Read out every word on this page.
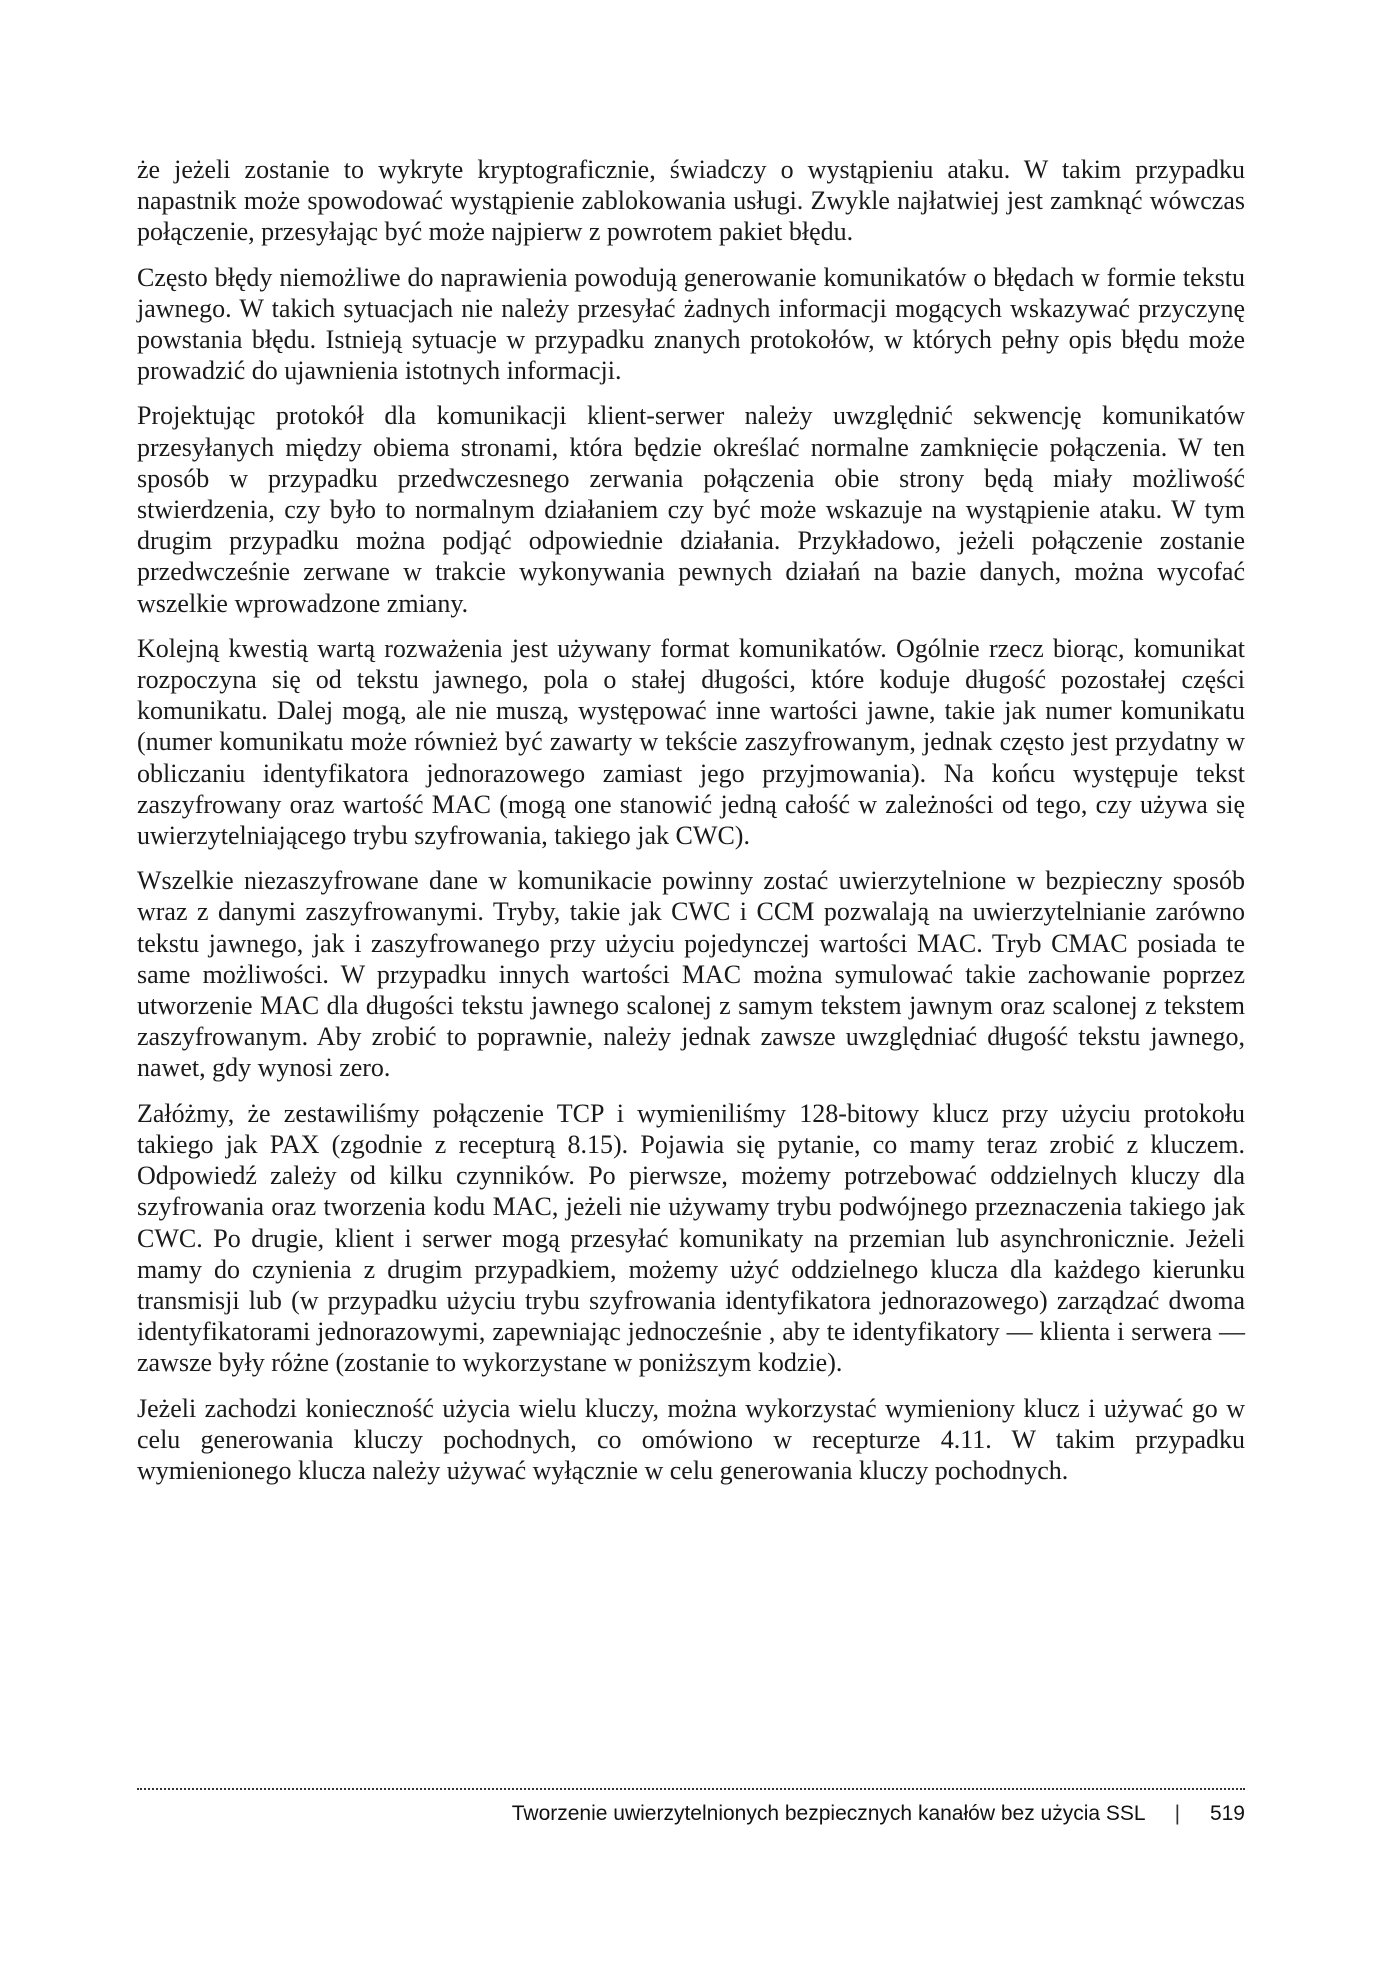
że jeżeli zostanie to wykryte kryptograficznie, świadczy o wystąpieniu ataku. W takim przypadku napastnik może spowodować wystąpienie zablokowania usługi. Zwykle najłatwiej jest zamknąć wówczas połączenie, przesyłając być może najpierw z powrotem pakiet błędu.

Często błędy niemożliwe do naprawienia powodują generowanie komunikatów o błędach w formie tekstu jawnego. W takich sytuacjach nie należy przesyłać żadnych informacji mogących wskazywać przyczynę powstania błędu. Istnieją sytuacje w przypadku znanych protokołów, w których pełny opis błędu może prowadzić do ujawnienia istotnych informacji.

Projektując protokół dla komunikacji klient-serwer należy uwzględnić sekwencję komunikatów przesyłanych między obiema stronami, która będzie określać normalne zamknięcie połączenia. W ten sposób w przypadku przedwczesnego zerwania połączenia obie strony będą miały możliwość stwierdzenia, czy było to normalnym działaniem czy być może wskazuje na wystąpienie ataku. W tym drugim przypadku można podjąć odpowiednie działania. Przykładowo, jeżeli połączenie zostanie przedwcześnie zerwane w trakcie wykonywania pewnych działań na bazie danych, można wycofać wszelkie wprowadzone zmiany.

Kolejną kwestią wartą rozważenia jest używany format komunikatów. Ogólnie rzecz biorąc, komunikat rozpoczyna się od tekstu jawnego, pola o stałej długości, które koduje długość pozostałej części komunikatu. Dalej mogą, ale nie muszą, występować inne wartości jawne, takie jak numer komunikatu (numer komunikatu może również być zawarty w tekście zaszyfrowanym, jednak często jest przydatny w obliczaniu identyfikatora jednorazowego zamiast jego przyjmowania). Na końcu występuje tekst zaszyfrowany oraz wartość MAC (mogą one stanowić jedną całość w zależności od tego, czy używa się uwierzytelniającego trybu szyfrowania, takiego jak CWC).

Wszelkie niezaszyfrowane dane w komunikacie powinny zostać uwierzytelnione w bezpieczny sposób wraz z danymi zaszyfrowanymi. Tryby, takie jak CWC i CCM pozwalają na uwierzytelnianie zarówno tekstu jawnego, jak i zaszyfrowanego przy użyciu pojedynczej wartości MAC. Tryb CMAC posiada te same możliwości. W przypadku innych wartości MAC można symulować takie zachowanie poprzez utworzenie MAC dla długości tekstu jawnego scalonej z samym tekstem jawnym oraz scalonej z tekstem zaszyfrowanym. Aby zrobić to poprawnie, należy jednak zawsze uwzględniać długość tekstu jawnego, nawet, gdy wynosi zero.

Załóżmy, że zestawiliśmy połączenie TCP i wymieniliśmy 128-bitowy klucz przy użyciu protokołu takiego jak PAX (zgodnie z recepturą 8.15). Pojawia się pytanie, co mamy teraz zrobić z kluczem. Odpowiedź zależy od kilku czynników. Po pierwsze, możemy potrzebować oddzielnych kluczy dla szyfrowania oraz tworzenia kodu MAC, jeżeli nie używamy trybu podwójnego przeznaczenia takiego jak CWC. Po drugie, klient i serwer mogą przesyłać komunikaty na przemian lub asynchronicznie. Jeżeli mamy do czynienia z drugim przypadkiem, możemy użyć oddzielnego klucza dla każdego kierunku transmisji lub (w przypadku użyciu trybu szyfrowania identyfikatora jednorazowego) zarządzać dwoma identyfikatorami jednorazowymi, zapewniając jednocześnie , aby te identyfikatory — klienta i serwera — zawsze były różne (zostanie to wykorzystane w poniższym kodzie).

Jeżeli zachodzi konieczność użycia wielu kluczy, można wykorzystać wymieniony klucz i używać go w celu generowania kluczy pochodnych, co omówiono w recepturze 4.11. W takim przypadku wymienionego klucza należy używać wyłącznie w celu generowania kluczy pochodnych.

Tworzenie uwierzytelnionych bezpiecznych kanałów bez użycia SSL | 519
